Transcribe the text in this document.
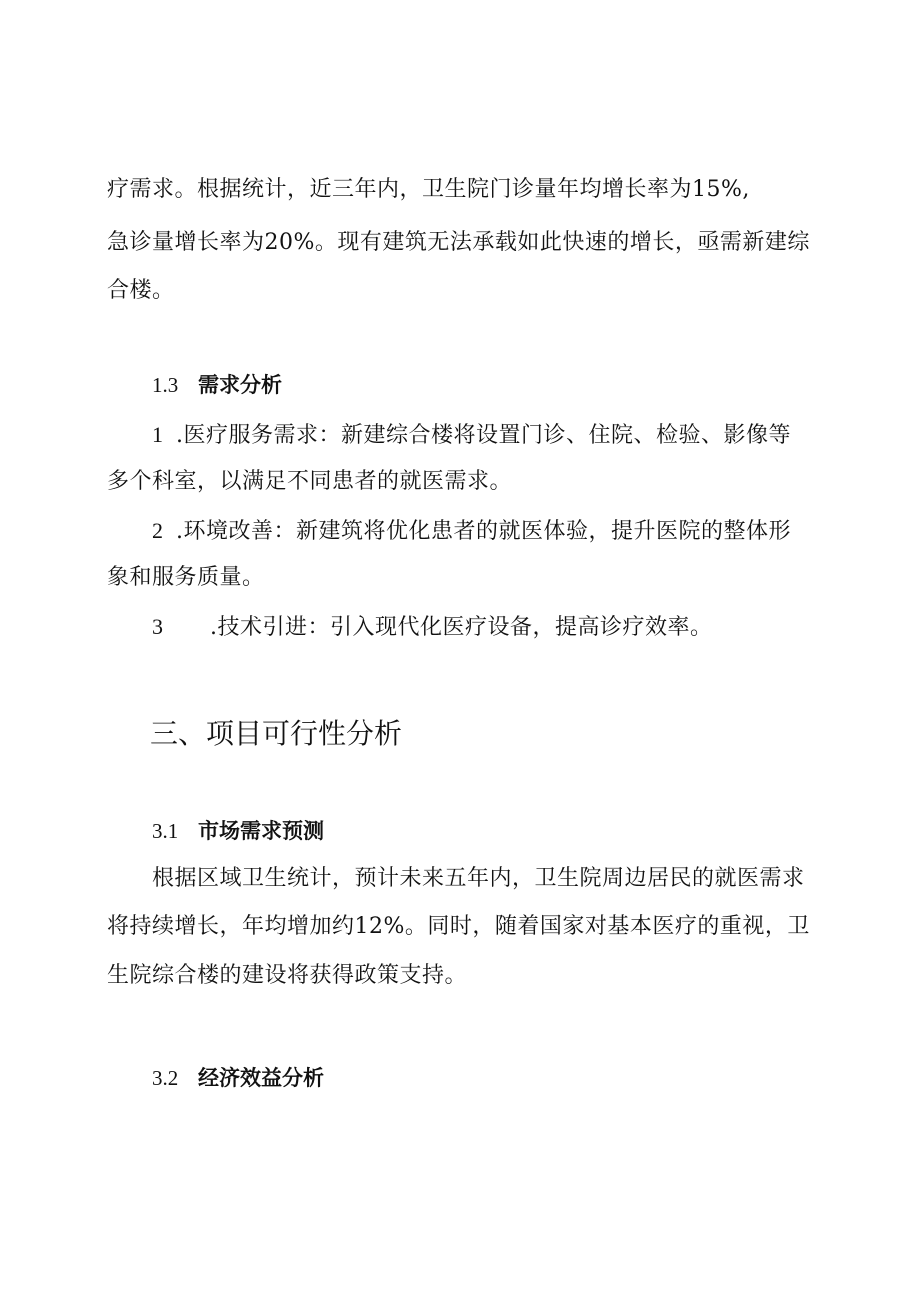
疗需求。根据统计，近三年内，卫生院门诊量年均增长率为15%,
急诊量增长率为20%。现有建筑无法承载如此快速的增长，亟需新建综
合楼。
1.3 需求分析
1 .医疗服务需求：新建综合楼将设置门诊、住院、检验、影像等
多个科室，以满足不同患者的就医需求。
2 .环境改善：新建筑将优化患者的就医体验，提升医院的整体形
象和服务质量。
3 .技术引进：引入现代化医疗设备，提高诊疗效率。
三、项目可行性分析
3.1 市场需求预测
根据区域卫生统计，预计未来五年内，卫生院周边居民的就医需求
将持续增长，年均增加约12%。同时，随着国家对基本医疗的重视，卫
生院综合楼的建设将获得政策支持。
3.2 经济效益分析
